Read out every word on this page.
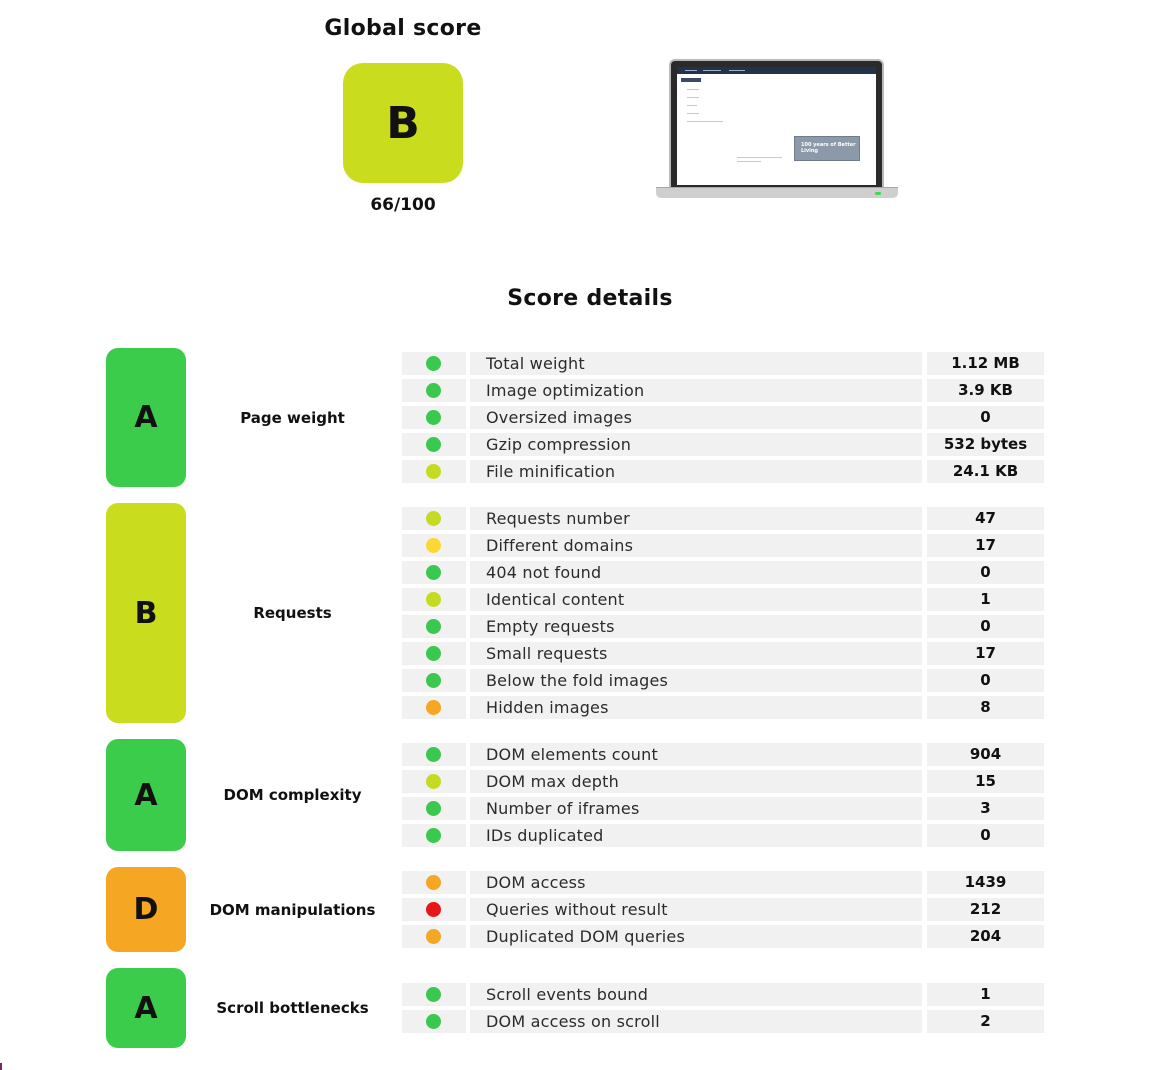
Global score
B
66/100
100 years of Better Living
Score details
A	Page weight
Total weight	1.12 MB
Image optimization	3.9 KB
Oversized images	0
Gzip compression	532 bytes
File minification	24.1 KB
B	Requests
Requests number	47
Different domains	17
404 not found	0
Identical content	1
Empty requests	0
Small requests	17
Below the fold images	0
Hidden images	8
A	DOM complexity
DOM elements count	904
DOM max depth	15
Number of iframes	3
IDs duplicated	0
D	DOM manipulations
DOM access	1439
Queries without result	212
Duplicated DOM queries	204
A	Scroll bottlenecks
Scroll events bound	1
DOM access on scroll	2
